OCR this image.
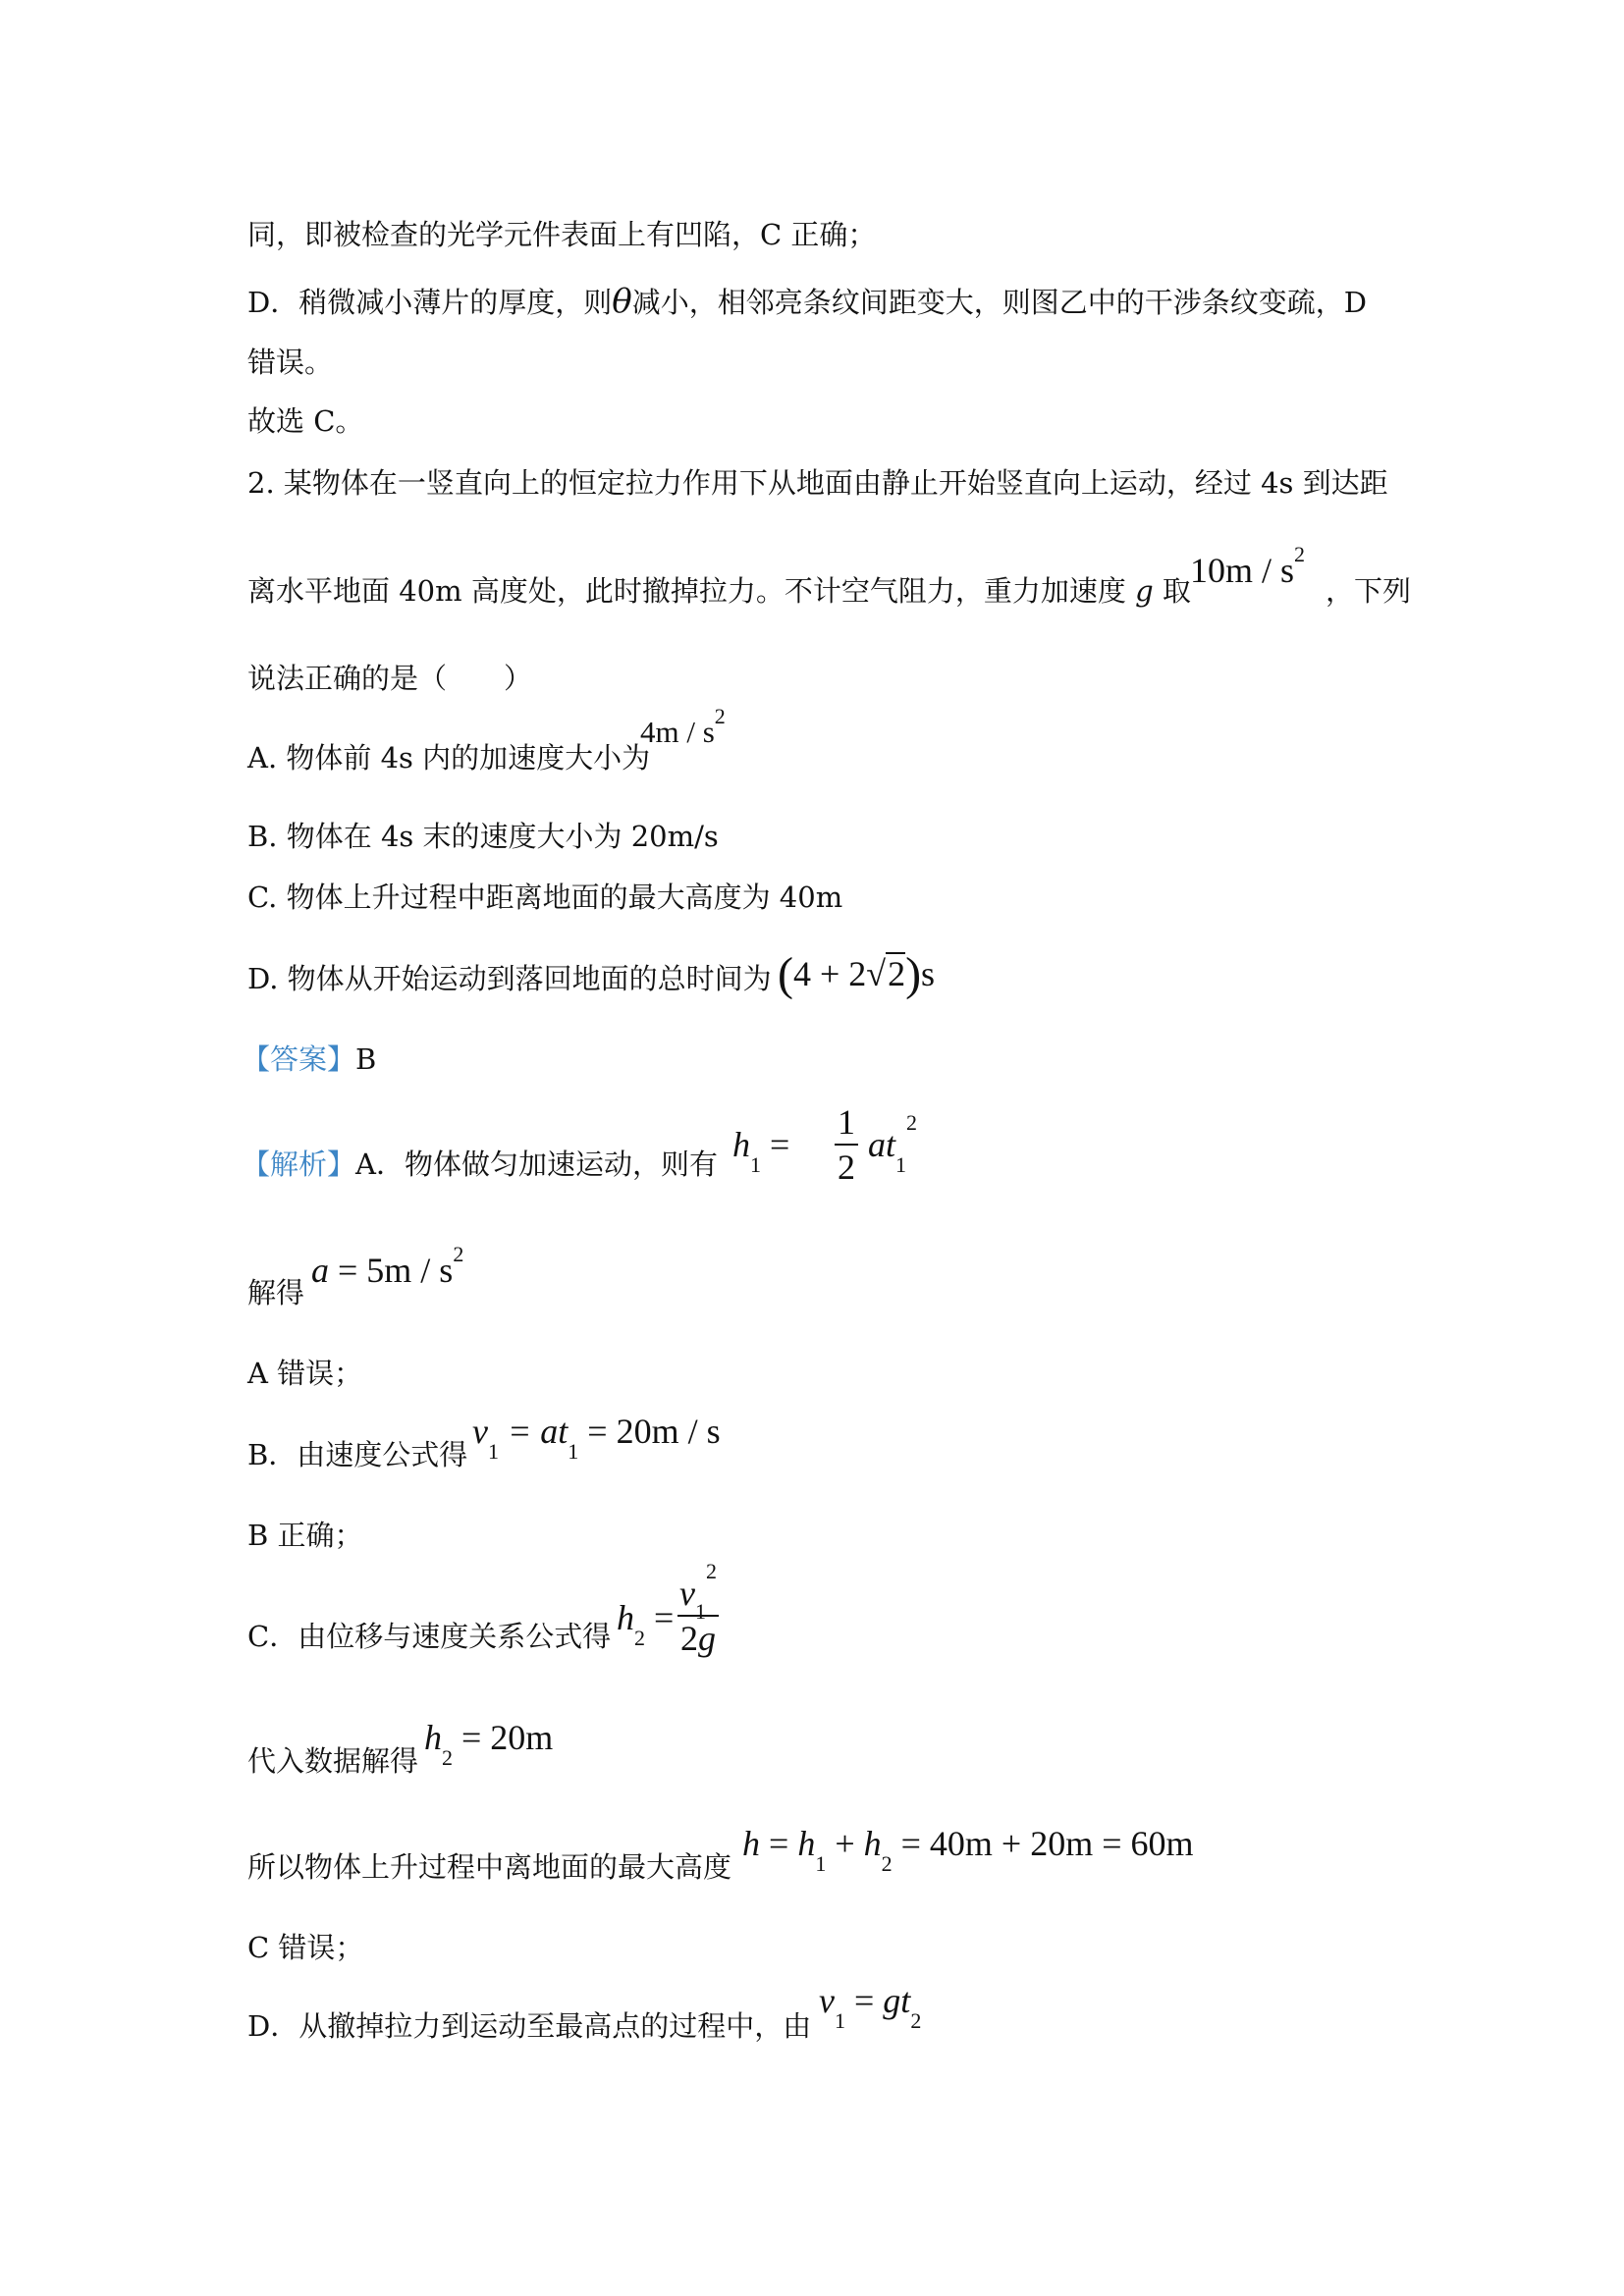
同，即被检查的光学元件表面上有凹陷，C 正确；
D．稍微减小薄片的厚度，则θ减小，相邻亮条纹间距变大，则图乙中的干涉条纹变疏，D
错误。
故选 C。
2. 某物体在一竖直向上的恒定拉力作用下从地面由静止开始竖直向上运动，经过 4s 到达距
离水平地面 40m 高度处，此时撤掉拉力。不计空气阻力，重力加速度 g 取
$10m / s^2$
，下列
说法正确的是（　　）
A. 物体前 4s 内的加速度大小为
$4m / s^2$
B. 物体在 4s 末的速度大小为 20m/s
C. 物体上升过程中距离地面的最大高度为 40m
D. 物体从开始运动到落回地面的总时间为 (4 + 2√2)s
【答案】B
【解析】A．物体做匀加速运动，则有 $h_1$ =
1
2
$at_1^2$
解得
$a = 5m / s^2$
A 错误；
B．由速度公式得
$v_1 = at_1 = 20m / s$
B 正确；
C．由位移与速度关系公式得 $h_2$ =
$v_1^2$
2g
代入数据解得
$h_2 = 20m$
所以物体上升过程中离地面的最大高度
$h = h_1 + h_2 = 40m + 20m = 60m$
C 错误；
D．从撤掉拉力到运动至最高点的过程中，由
$v_1 = gt_2$
